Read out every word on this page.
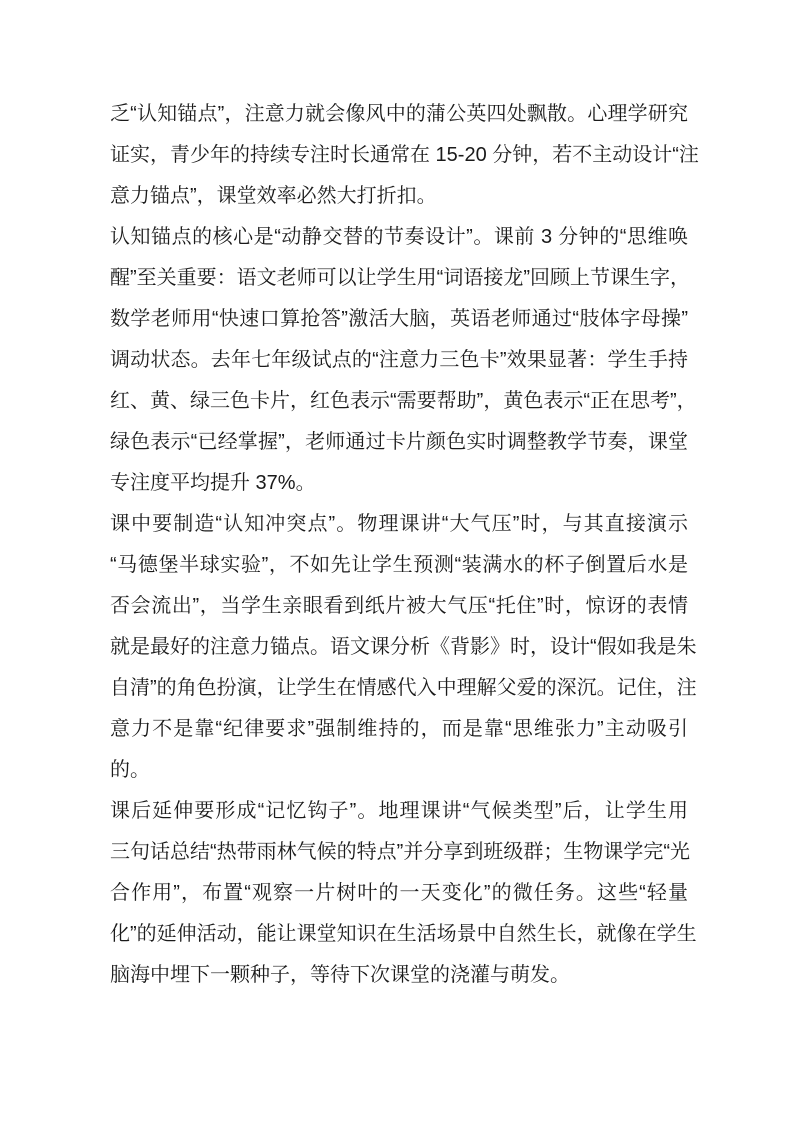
乏“认知锚点”，注意力就会像风中的蒲公英四处飘散。心理学研究
证实，青少年的持续专注时长通常在 15-20 分钟，若不主动设计“注
意力锚点”，课堂效率必然大打折扣。
认知锚点的核心是“动静交替的节奏设计”。课前 3 分钟的“思维唤
醒”至关重要：语文老师可以让学生用“词语接龙”回顾上节课生字，
数学老师用“快速口算抢答”激活大脑，英语老师通过“肢体字母操”
调动状态。去年七年级试点的“注意力三色卡”效果显著：学生手持
红、黄、绿三色卡片，红色表示“需要帮助”，黄色表示“正在思考”，
绿色表示“已经掌握”，老师通过卡片颜色实时调整教学节奏，课堂
专注度平均提升 37%。
课中要制造“认知冲突点”。物理课讲“大气压”时，与其直接演示
“马德堡半球实验”，不如先让学生预测“装满水的杯子倒置后水是
否会流出”，当学生亲眼看到纸片被大气压“托住”时，惊讶的表情
就是最好的注意力锚点。语文课分析《背影》时，设计“假如我是朱
自清”的角色扮演，让学生在情感代入中理解父爱的深沉。记住，注
意力不是靠“纪律要求”强制维持的，而是靠“思维张力”主动吸引
的。
课后延伸要形成“记忆钩子”。地理课讲“气候类型”后，让学生用
三句话总结“热带雨林气候的特点”并分享到班级群；生物课学完“光
合作用”，布置“观察一片树叶的一天变化”的微任务。这些“轻量
化”的延伸活动，能让课堂知识在生活场景中自然生长，就像在学生
脑海中埋下一颗种子，等待下次课堂的浇灌与萌发。
